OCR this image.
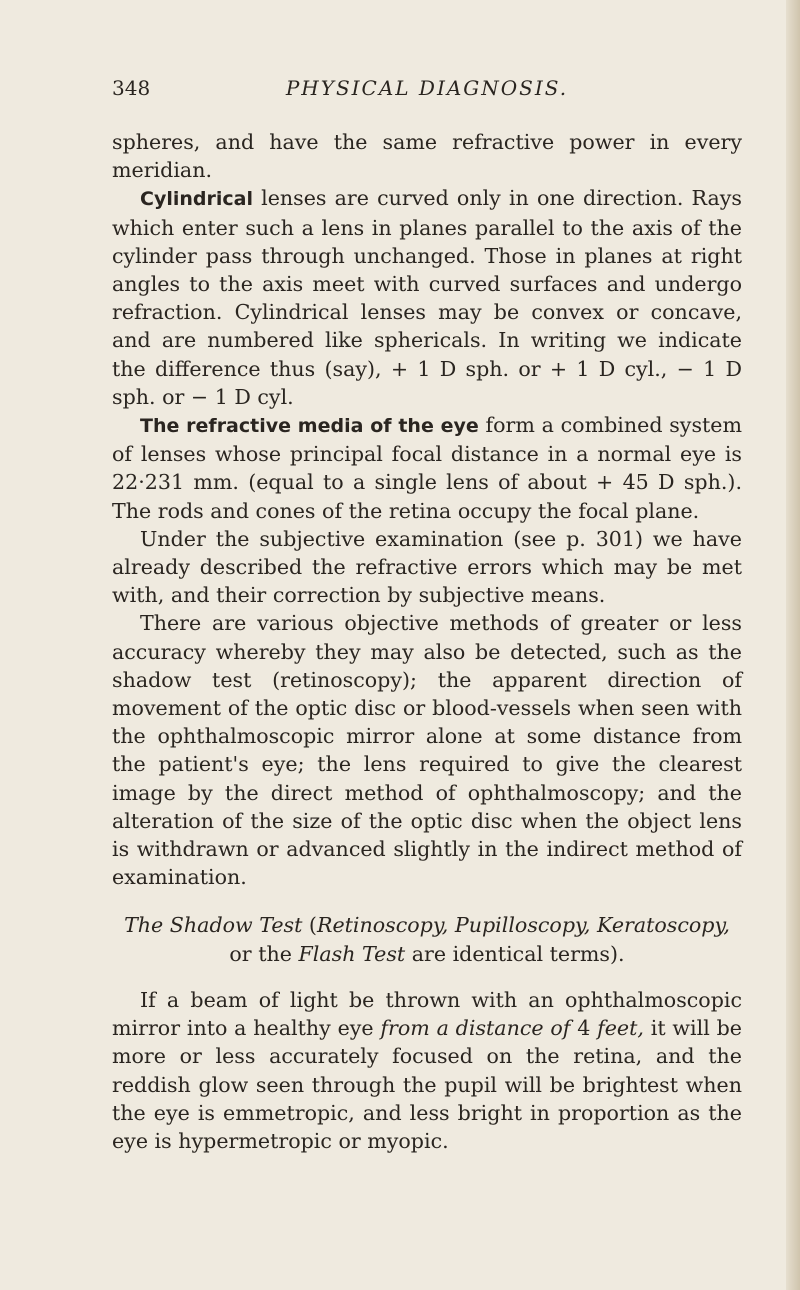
348	PHYSICAL DIAGNOSIS.

spheres, and have the same refractive power in every meridian.

Cylindrical lenses are curved only in one direction. Rays which enter such a lens in planes parallel to the axis of the cylinder pass through unchanged. Those in planes at right angles to the axis meet with curved surfaces and undergo refraction. Cylindrical lenses may be convex or concave, and are numbered like sphericals. In writing we indicate the difference thus (say), + 1 D sph. or + 1 D cyl., − 1 D sph. or − 1 D cyl.

The refractive media of the eye form a combined system of lenses whose principal focal distance in a normal eye is 22·231 mm. (equal to a single lens of about + 45 D sph.). The rods and cones of the retina occupy the focal plane.

Under the subjective examination (see p. 301) we have already described the refractive errors which may be met with, and their correction by subjective means.

There are various objective methods of greater or less accuracy whereby they may also be detected, such as the shadow test (retinoscopy); the apparent direction of movement of the optic disc or blood-vessels when seen with the ophthalmoscopic mirror alone at some distance from the patient's eye; the lens required to give the clearest image by the direct method of ophthalmoscopy; and the alteration of the size of the optic disc when the object lens is withdrawn or advanced slightly in the indirect method of examination.

The Shadow Test (Retinoscopy, Pupilloscopy, Keratoscopy,
or the Flash Test are identical terms).

If a beam of light be thrown with an ophthalmoscopic mirror into a healthy eye from a distance of 4 feet, it will be more or less accurately focused on the retina, and the reddish glow seen through the pupil will be brightest when the eye is emmetropic, and less bright in proportion as the eye is hypermetropic or myopic.
